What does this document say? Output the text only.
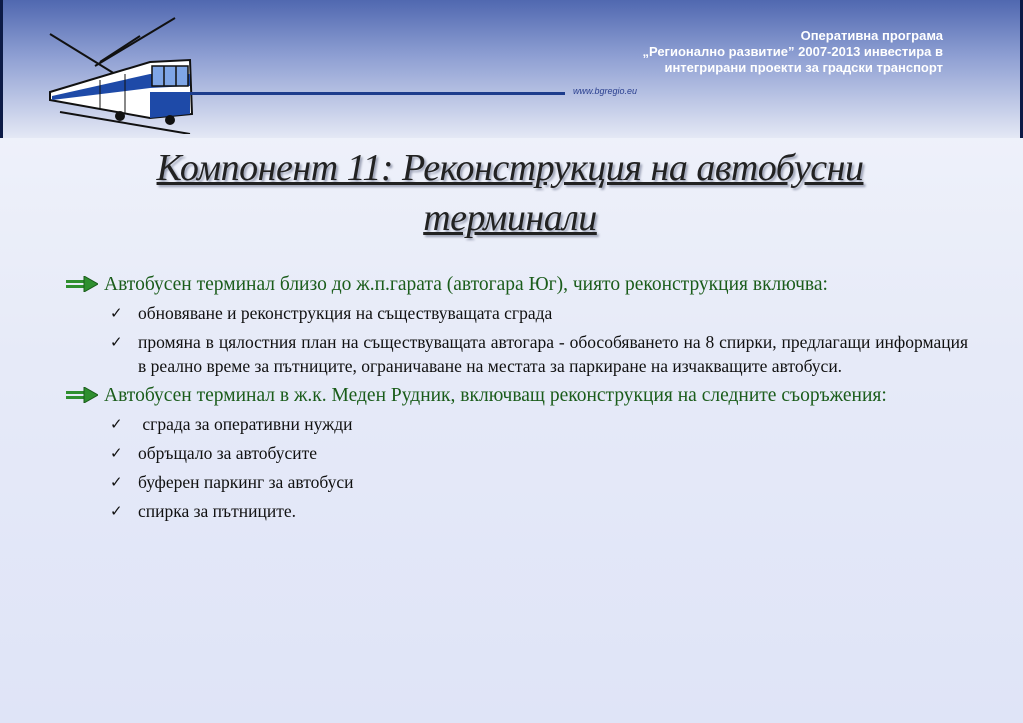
Оперативна програма
„Регионално развитие” 2007-2013 инвестира в
интегрирани проекти за градски транспорт
www.bgregio.eu
Компонент 11: Реконструкция на автобусни
терминали
Автобусен терминал близо до ж.п.гарата (автогара Юг), чиято реконструкция включва:
✓ обновяване и реконструкция на съществуващата сграда
✓ промяна в цялостния план на съществуващата автогара - обособяването на 8 спирки, предлагащи информация в реално време за пътниците, ограничаване на местата за паркиране на изчакващите автобуси.
Автобусен терминал в ж.к. Меден Рудник, включващ реконструкция на следните съоръжения:
✓ сграда за оперативни нужди
✓ обръщало за автобусите
✓ буферен паркинг за автобуси
✓ спирка за пътниците.
